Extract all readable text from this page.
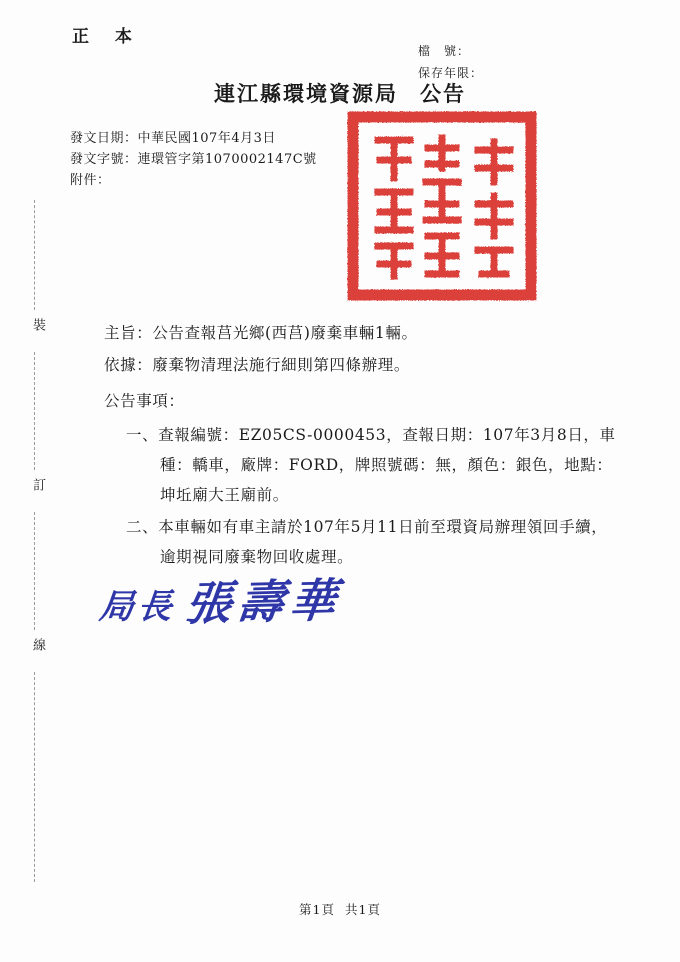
正 本
檔　號：
保存年限：
連江縣環境資源局 公告
發文日期：中華民國107年4月3日
發文字號：連環管字第1070002147C號
附件：
裝
訂
線
主旨：公告查報莒光鄉(西莒)廢棄車輛1輛。
依據：廢棄物清理法施行細則第四條辦理。
公告事項：
一、查報編號：EZ05CS-0000453，查報日期：107年3月8日，車
種：轎車，廠牌：FORD，牌照號碼：無，顏色：銀色，地點：
坤坵廟大王廟前。
二、本車輛如有車主請於107年5月11日前至環資局辦理領回手續，
逾期視同廢棄物回收處理。
局長 張壽華
第1頁 共1頁
